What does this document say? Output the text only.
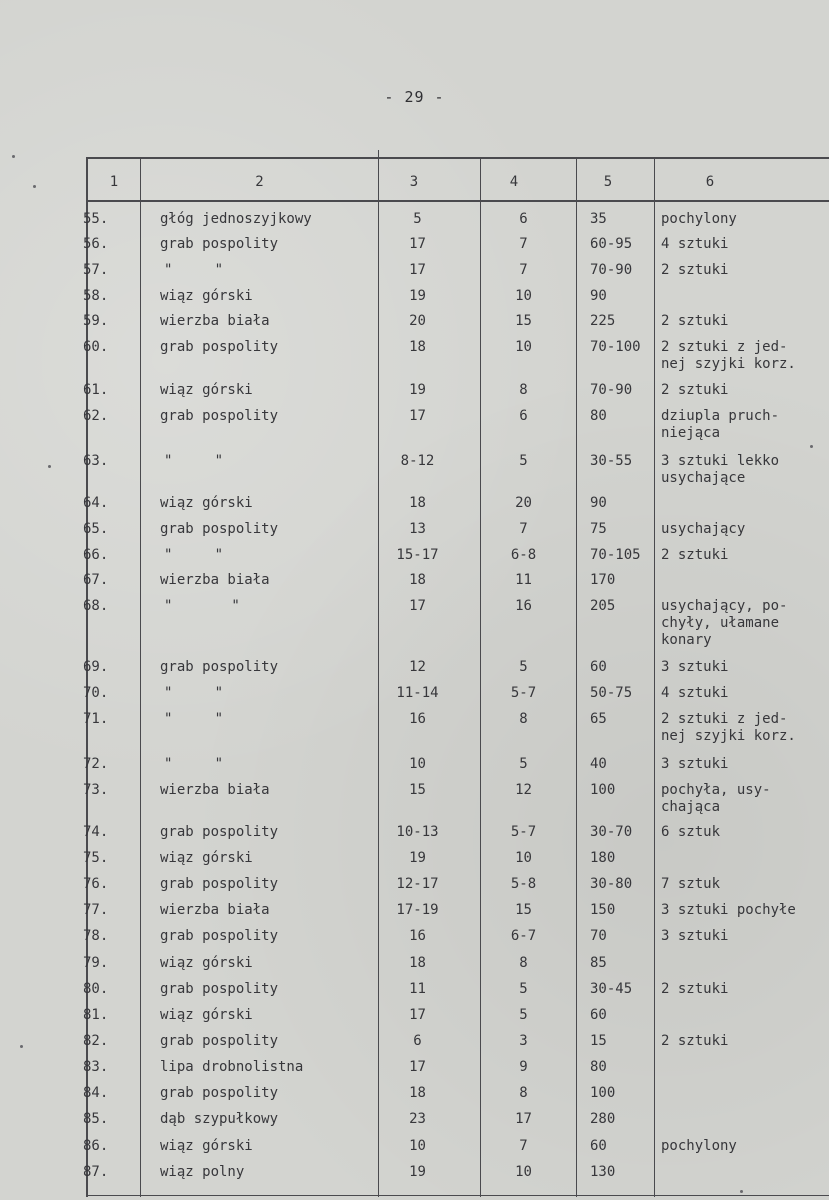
- 29 -
1	2	3	4	5	6
55.	głóg jednoszyjkowy	5	6	35	pochylony
56.	grab pospolity	17	7	60-95	4 sztuki
57.	"     "	17	7	70-90	2 sztuki
58.	wiąz górski	19	10	90
59.	wierzba biała	20	15	225	2 sztuki
60.	grab pospolity	18	10	70-100	2 sztuki z jed-
nej szyjki korz.
61.	wiąz górski	19	8	70-90	2 sztuki
62.	grab pospolity	17	6	80	dziupla pruch-
niejąca
63.	"     "	8-12	5	30-55	3 sztuki lekko
usychające
64.	wiąz górski	18	20	90
65.	grab pospolity	13	7	75	usychający
66.	"     "	15-17	6-8	70-105	2 sztuki
67.	wierzba biała	18	11	170
68.	"       "	17	16	205	usychający, po-
chyły, ułamane
konary
69.	grab pospolity	12	5	60	3 sztuki
70.	"     "	11-14	5-7	50-75	4 sztuki
71.	"     "	16	8	65	2 sztuki z jed-
nej szyjki korz.
72.	"     "	10	5	40	3 sztuki
73.	wierzba biała	15	12	100	pochyła, usy-
chająca
74.	grab pospolity	10-13	5-7	30-70	6 sztuk
75.	wiąz górski	19	10	180
76.	grab pospolity	12-17	5-8	30-80	7 sztuk
77.	wierzba biała	17-19	15	150	3 sztuki pochyłe
78.	grab pospolity	16	6-7	70	3 sztuki
79.	wiąz górski	18	8	85
80.	grab pospolity	11	5	30-45	2 sztuki
81.	wiąz górski	17	5	60
82.	grab pospolity	6	3	15	2 sztuki
83.	lipa drobnolistna	17	9	80
84.	grab pospolity	18	8	100
85.	dąb szypułkowy	23	17	280
86.	wiąz górski	10	7	60	pochylony
87.	wiąz polny	19	10	130
